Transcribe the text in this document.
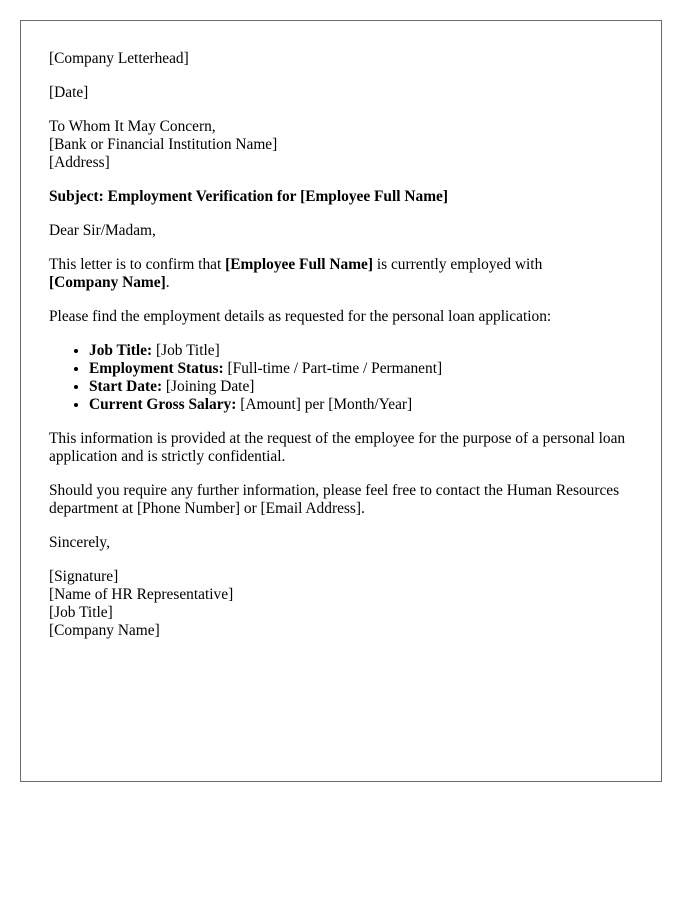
[Company Letterhead]

[Date]

To Whom It May Concern,
[Bank or Financial Institution Name]
[Address]

Subject: Employment Verification for [Employee Full Name]

Dear Sir/Madam,

This letter is to confirm that [Employee Full Name] is currently employed with
[Company Name].

Please find the employment details as requested for the personal loan application:

• Job Title: [Job Title]
• Employment Status: [Full-time / Part-time / Permanent]
• Start Date: [Joining Date]
• Current Gross Salary: [Amount] per [Month/Year]

This information is provided at the request of the employee for the purpose of a personal loan application and is strictly confidential.

Should you require any further information, please feel free to contact the Human Resources department at [Phone Number] or [Email Address].

Sincerely,

[Signature]
[Name of HR Representative]
[Job Title]
[Company Name]
